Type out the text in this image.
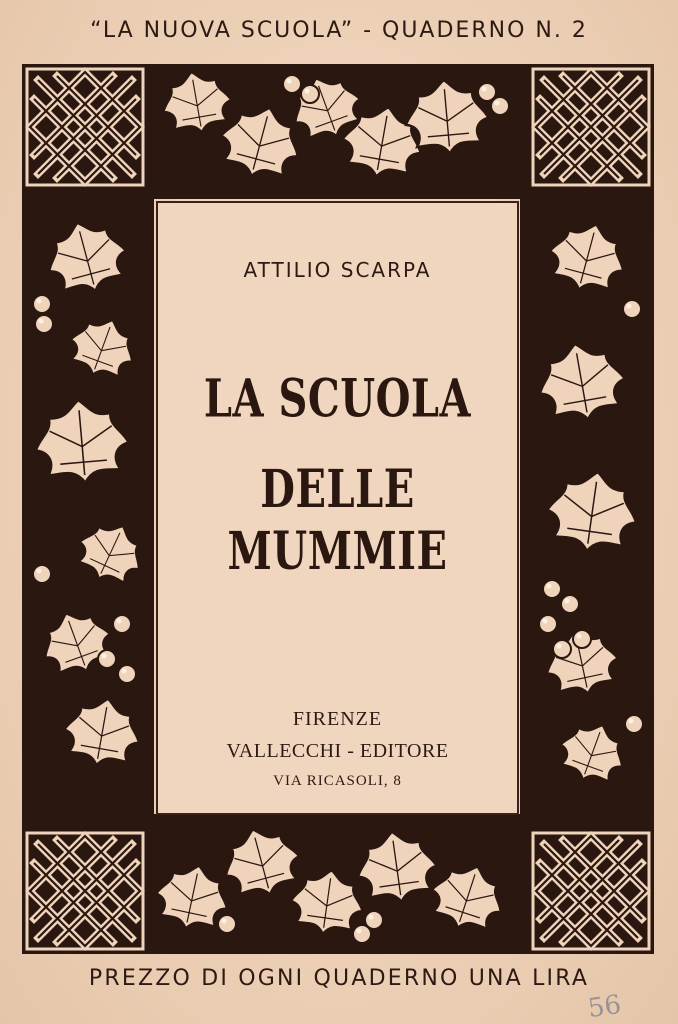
“LA NUOVA SCUOLA” - QUADERNO N. 2
ATTILIO SCARPA
LA SCUOLA
DELLE MUMMIE
FIRENZE
VALLECCHI - EDITORE
VIA RICASOLI, 8
PREZZO DI OGNI QUADERNO UNA LIRA
56
